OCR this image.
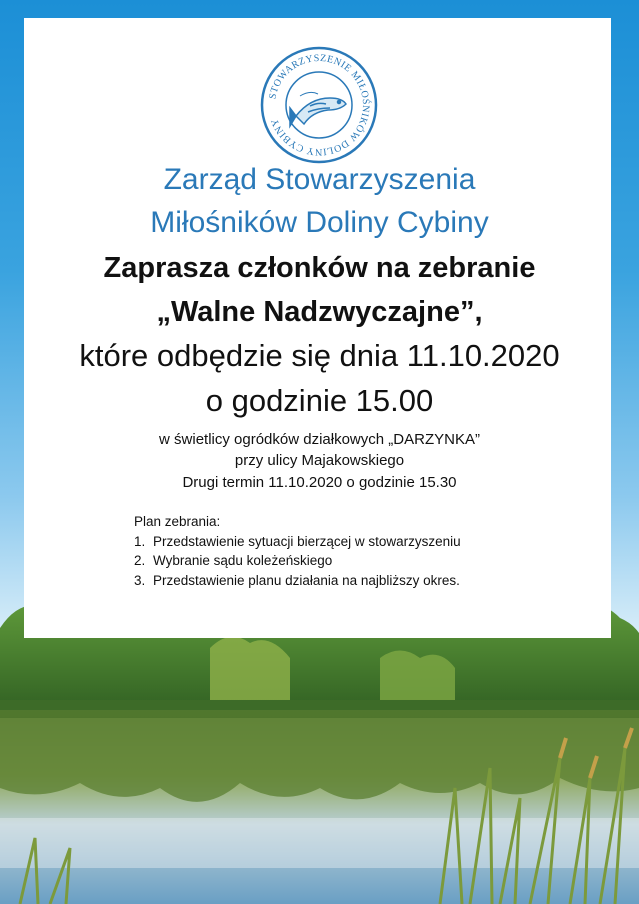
STOWARZYSZENIE MIŁOŚNIKÓW DOLINY CYBINY
Zarząd Stowarzyszenia
Miłośników Doliny Cybiny
Zaprasza członków na zebranie
„Walne Nadzwyczajne”,
które odbędzie się dnia 11.10.2020
o godzinie 15.00
w świetlicy ogródków działkowych „DARZYNKA”
przy ulicy Majakowskiego
Drugi termin 11.10.2020 o godzinie 15.30
Plan zebrania:
1. Przedstawienie sytuacji bierzącej w stowarzyszeniu
2. Wybranie sądu koleżeńskiego
3. Przedstawienie planu działania na najbliższy okres.
